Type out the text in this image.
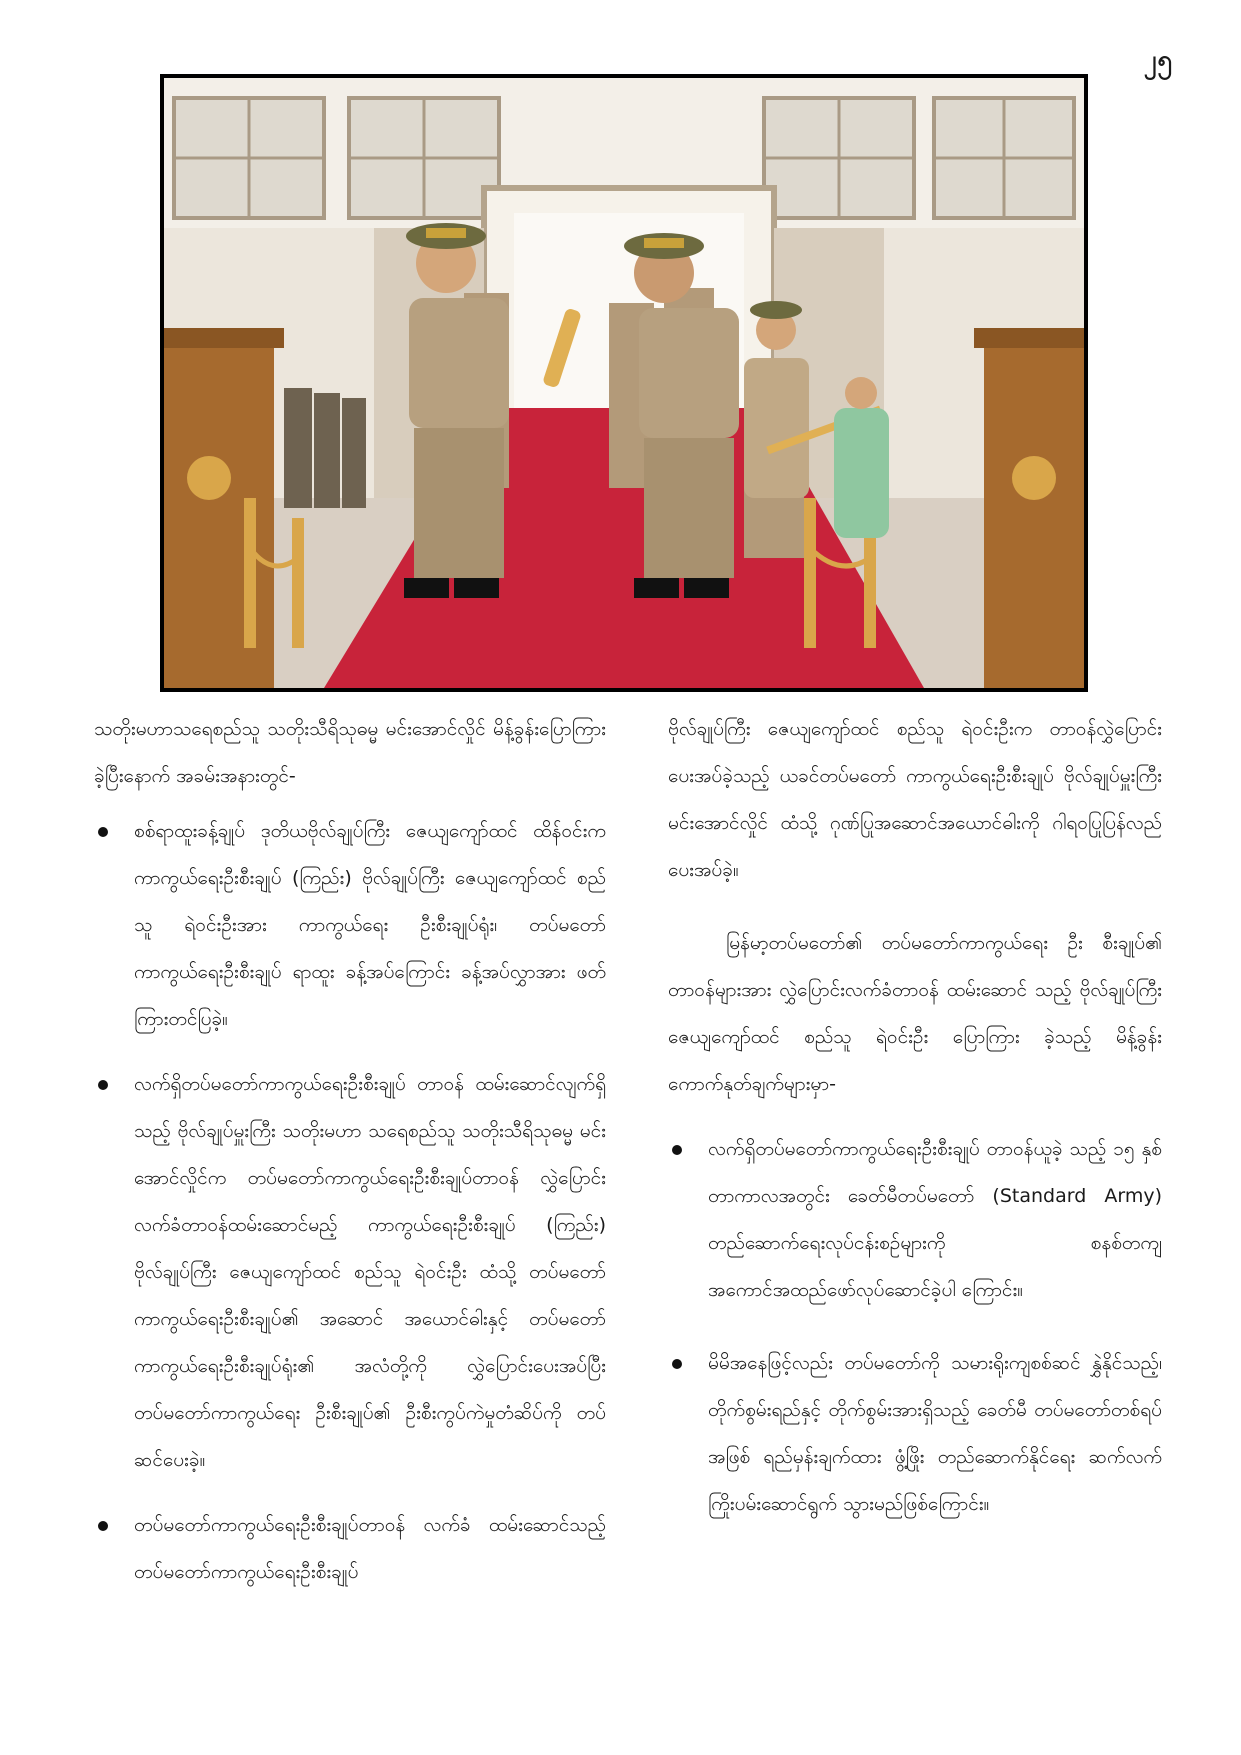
၂၅

သတိုးမဟာသရေစည်သူ သတိုးသီရိသုဓမ္မ မင်းအောင်လှိုင် မိန့်ခွန်းပြောကြားခဲ့ပြီးနောက် အခမ်းအနားတွင်-

စစ်ရာထူးခန့်ချုပ် ဒုတိယဗိုလ်ချုပ်ကြီး ဇေယျကျော်ထင် ထိန်ဝင်းက ကာကွယ်ရေးဦးစီးချုပ် (ကြည်း) ဗိုလ်ချုပ်ကြီး ဇေယျကျော်ထင် စည်သူ ရဲဝင်းဦးအား ကာကွယ်ရေး ဦးစီးချုပ်ရုံး၊ တပ်မတော်ကာကွယ်ရေးဦးစီးချုပ် ရာထူး ခန့်အပ်ကြောင်း ခန့်အပ်လွှာအား ဖတ်ကြားတင်ပြခဲ့။
လက်ရှိတပ်မတော်ကာကွယ်ရေးဦးစီးချုပ် တာဝန် ထမ်းဆောင်လျက်ရှိသည့် ဗိုလ်ချုပ်မှူးကြီး သတိုးမဟာ သရေစည်သူ သတိုးသီရိသုဓမ္မ မင်းအောင်လှိုင်က တပ်မတော်ကာကွယ်ရေးဦးစီးချုပ်တာဝန် လွှဲပြောင်း လက်ခံတာဝန်ထမ်းဆောင်မည့် ကာကွယ်ရေးဦးစီးချုပ် (ကြည်း) ဗိုလ်ချုပ်ကြီး ဇေယျကျော်ထင် စည်သူ ရဲဝင်းဦး ထံသို့ တပ်မတော်ကာကွယ်ရေးဦးစီးချုပ်၏ အဆောင် အယောင်ဓါးနှင့် တပ်မတော်ကာကွယ်ရေးဦးစီးချုပ်ရုံး၏ အလံတို့ကို လွှဲပြောင်းပေးအပ်ပြီးတပ်မတော်ကာကွယ်ရေး ဦးစီးချုပ်၏ ဦးစီးကွပ်ကဲမှုတံဆိပ်ကို တပ်ဆင်ပေးခဲ့။
တပ်မတော်ကာကွယ်ရေးဦးစီးချုပ်တာဝန် လက်ခံ ထမ်းဆောင်သည့် တပ်မတော်ကာကွယ်ရေးဦးစီးချုပ်

ဗိုလ်ချုပ်ကြီး ဇေယျကျော်ထင် စည်သူ ရဲဝင်းဦးက တာဝန်လွှဲပြောင်းပေးအပ်ခဲ့သည့် ယခင်တပ်မတော် ကာကွယ်ရေးဦးစီးချုပ် ဗိုလ်ချုပ်မှူးကြီး မင်းအောင်လှိုင် ထံသို့ ဂုဏ်ပြုအဆောင်အယောင်ဓါးကို ဂါရဝပြုပြန်လည် ပေးအပ်ခဲ့။

မြန်မာ့တပ်မတော်၏ တပ်မတော်ကာကွယ်ရေး ဦး စီးချုပ်၏ တာဝန်များအား လွှဲပြောင်းလက်ခံတာဝန် ထမ်းဆောင် သည့် ဗိုလ်ချုပ်ကြီးဇေယျကျော်ထင် စည်သူ ရဲဝင်းဦး ပြောကြား ခဲ့သည့် မိန့်ခွန်းကောက်နုတ်ချက်များမှာ-

လက်ရှိတပ်မတော်ကာကွယ်ရေးဦးစီးချုပ် တာဝန်ယူခဲ့ သည့် ၁၅ နှစ်တာကာလအတွင်း ခေတ်မီတပ်မတော် (Standard Army) တည်ဆောက်ရေးလုပ်ငန်းစဉ်များကို စနစ်တကျ အကောင်အထည်ဖော်လုပ်ဆောင်ခဲ့ပါ ကြောင်း။
မိမိအနေဖြင့်လည်း တပ်မတော်ကို သမားရိုးကျစစ်ဆင် နွှဲနိုင်သည့်၊ တိုက်စွမ်းရည်နှင့် တိုက်စွမ်းအားရှိသည့် ခေတ်မီ တပ်မတော်တစ်ရပ်အဖြစ် ရည်မှန်းချက်ထား ဖွံ့ဖြိုး တည်ဆောက်နိုင်ရေး ဆက်လက်ကြိုးပမ်းဆောင်ရွက် သွားမည်ဖြစ်ကြောင်း။
